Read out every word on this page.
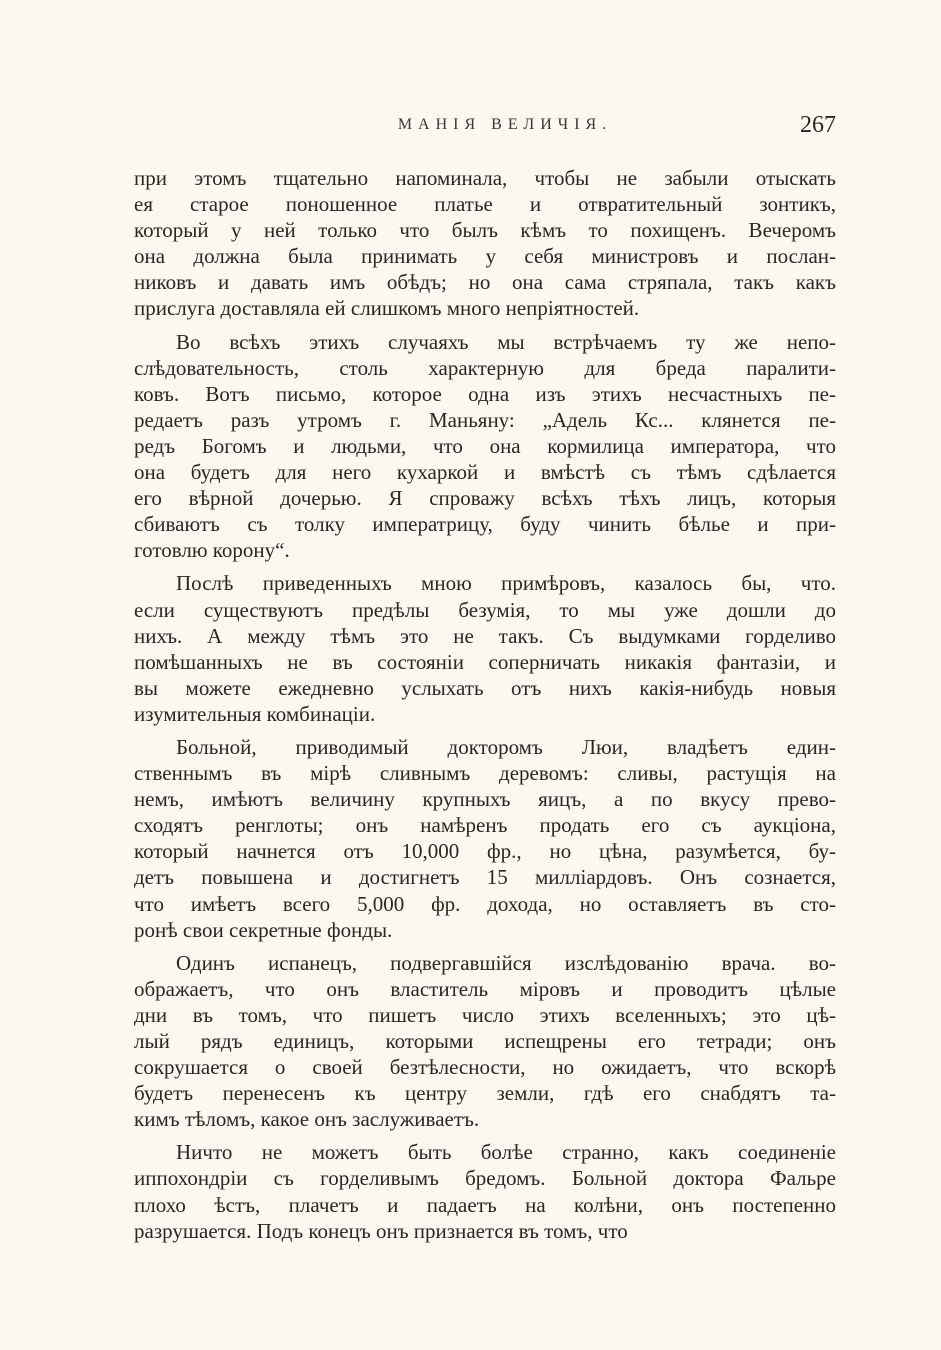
МАНІЯ ВЕЛИЧІЯ.	267
при этомъ тщательно напоминала, чтобы не забыли отыскать
ея старое поношенное платье и отвратительный зонтикъ,
который у ней только что былъ кѣмъ то похищенъ. Вечеромъ
она должна была принимать у себя министровъ и послан-
никовъ и давать имъ обѣдъ; но она сама стряпала, такъ какъ
прислуга доставляла ей слишкомъ много непріятностей.
Во всѣхъ этихъ случаяхъ мы встрѣчаемъ ту же непо-
слѣдовательность, столь характерную для бреда паралити-
ковъ. Вотъ письмо, которое одна изъ этихъ несчастныхъ пе-
редаетъ разъ утромъ г. Маньяну: „Адель Кс... клянется пе-
редъ Богомъ и людьми, что она кормилица императора, что
она будетъ для него кухаркой и вмѣстѣ съ тѣмъ сдѣлается
его вѣрной дочерью. Я спроважу всѣхъ тѣхъ лицъ, которыя
сбиваютъ съ толку императрицу, буду чинить бѣлье и при-
готовлю корону“.
Послѣ приведенныхъ мною примѣровъ, казалось бы, что.
если существуютъ предѣлы безумія, то мы уже дошли до
нихъ. А между тѣмъ это не такъ. Съ выдумками горделиво
помѣшанныхъ не въ состояніи соперничать никакія фантазіи, и
вы можете ежедневно услыхать отъ нихъ какія-нибудь новыя
изумительныя комбинаціи.
Больной, приводимый докторомъ Люи, владѣетъ един-
ственнымъ въ мірѣ сливнымъ деревомъ: сливы, растущія на
немъ, имѣютъ величину крупныхъ яицъ, а по вкусу прево-
сходятъ ренглоты; онъ намѣренъ продать его съ аукціона,
который начнется отъ 10,000 фр., но цѣна, разумѣется, бу-
детъ повышена и достигнетъ 15 милліардовъ. Онъ сознается,
что имѣетъ всего 5,000 фр. дохода, но оставляетъ въ сто-
ронѣ свои секретные фонды.
Одинъ испанецъ, подвергавшійся изслѣдованію врача. во-
ображаетъ, что онъ властитель міровъ и проводитъ цѣлые
дни въ томъ, что пишетъ число этихъ вселенныхъ; это цѣ-
лый рядъ единицъ, которыми испещрены его тетради; онъ
сокрушается о своей безтѣлесности, но ожидаетъ, что вскорѣ
будетъ перенесенъ къ центру земли, гдѣ его снабдятъ та-
кимъ тѣломъ, какое онъ заслуживаетъ.
Ничто не можетъ быть болѣе странно, какъ соединеніе
иппохондріи съ горделивымъ бредомъ. Больной доктора Фальре
плохо ѣстъ, плачетъ и падаетъ на колѣни, онъ постепенно
разрушается. Подъ конецъ онъ признается въ томъ, что
